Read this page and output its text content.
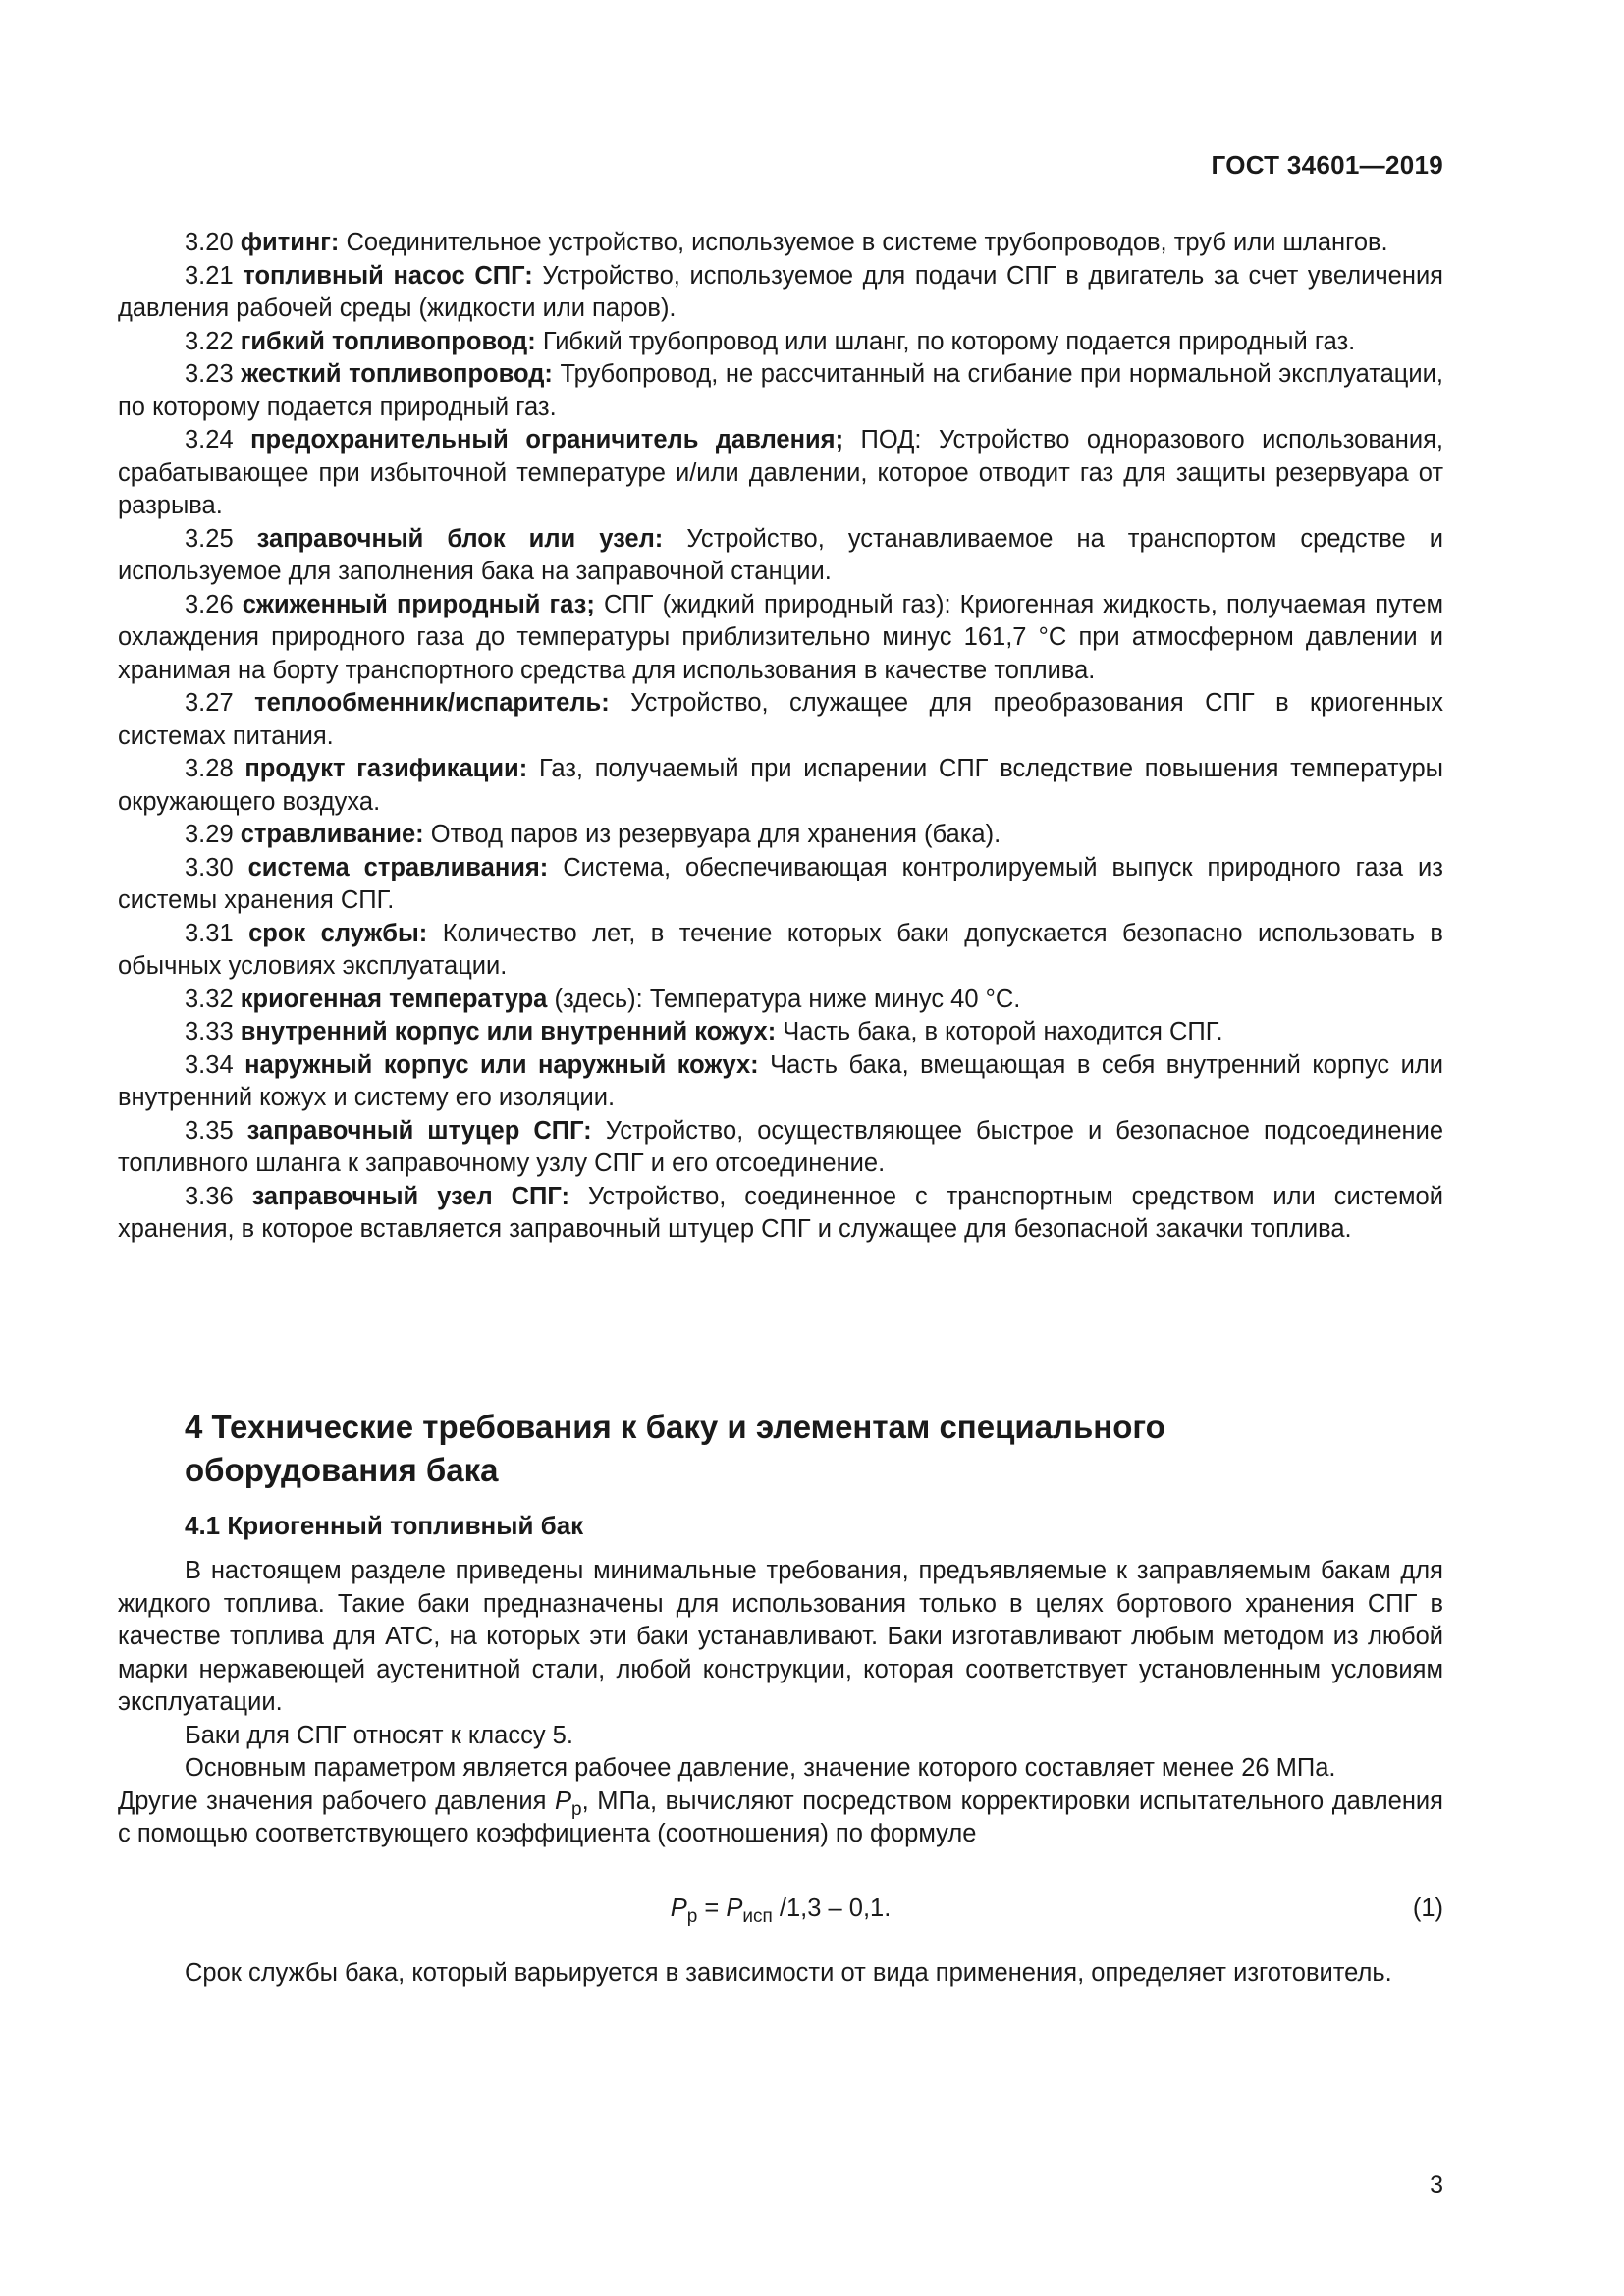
ГОСТ 34601—2019

3.20 фитинг: Соединительное устройство, используемое в системе трубопроводов, труб или шлангов.

3.21 топливный насос СПГ: Устройство, используемое для подачи СПГ в двигатель за счет увеличения давления рабочей среды (жидкости или паров).

3.22 гибкий топливопровод: Гибкий трубопровод или шланг, по которому подается природный газ.

3.23 жесткий топливопровод: Трубопровод, не рассчитанный на сгибание при нормальной эксплуатации, по которому подается природный газ.

3.24 предохранительный ограничитель давления; ПОД: Устройство одноразового использования, срабатывающее при избыточной температуре и/или давлении, которое отводит газ для защиты резервуара от разрыва.

3.25 заправочный блок или узел: Устройство, устанавливаемое на транспортом средстве и используемое для заполнения бака на заправочной станции.

3.26 сжиженный природный газ; СПГ (жидкий природный газ): Криогенная жидкость, получаемая путем охлаждения природного газа до температуры приблизительно минус 161,7 °С при атмосферном давлении и хранимая на борту транспортного средства для использования в качестве топлива.

3.27 теплообменник/испаритель: Устройство, служащее для преобразования СПГ в криогенных системах питания.

3.28 продукт газификации: Газ, получаемый при испарении СПГ вследствие повышения температуры окружающего воздуха.

3.29 стравливание: Отвод паров из резервуара для хранения (бака).

3.30 система стравливания: Система, обеспечивающая контролируемый выпуск природного газа из системы хранения СПГ.

3.31 срок службы: Количество лет, в течение которых баки допускается безопасно использовать в обычных условиях эксплуатации.

3.32 криогенная температура (здесь): Температура ниже минус 40 °С.

3.33 внутренний корпус или внутренний кожух: Часть бака, в которой находится СПГ.

3.34 наружный корпус или наружный кожух: Часть бака, вмещающая в себя внутренний корпус или внутренний кожух и систему его изоляции.

3.35 заправочный штуцер СПГ: Устройство, осуществляющее быстрое и безопасное подсоединение топливного шланга к заправочному узлу СПГ и его отсоединение.

3.36 заправочный узел СПГ: Устройство, соединенное с транспортным средством или системой хранения, в которое вставляется заправочный штуцер СПГ и служащее для безопасной закачки топлива.

4 Технические требования к баку и элементам специального оборудования бака
4.1 Криогенный топливный бак

В настоящем разделе приведены минимальные требования, предъявляемые к заправляемым бакам для жидкого топлива. Такие баки предназначены для использования только в целях бортового хранения СПГ в качестве топлива для АТС, на которых эти баки устанавливают. Баки изготавливают любым методом из любой марки нержавеющей аустенитной стали, любой конструкции, которая соответствует установленным условиям эксплуатации.

Баки для СПГ относят к классу 5.

Основным параметром является рабочее давление, значение которого составляет менее 26 МПа.

Другие значения рабочего давления $P_р$, МПа, вычисляют посредством корректировки испытательного давления с помощью соответствующего коэффициента (соотношения) по формуле

$P_р = P_{исп}$ /1,3 – 0,1.	(1)

Срок службы бака, который варьируется в зависимости от вида применения, определяет изготовитель.

3
